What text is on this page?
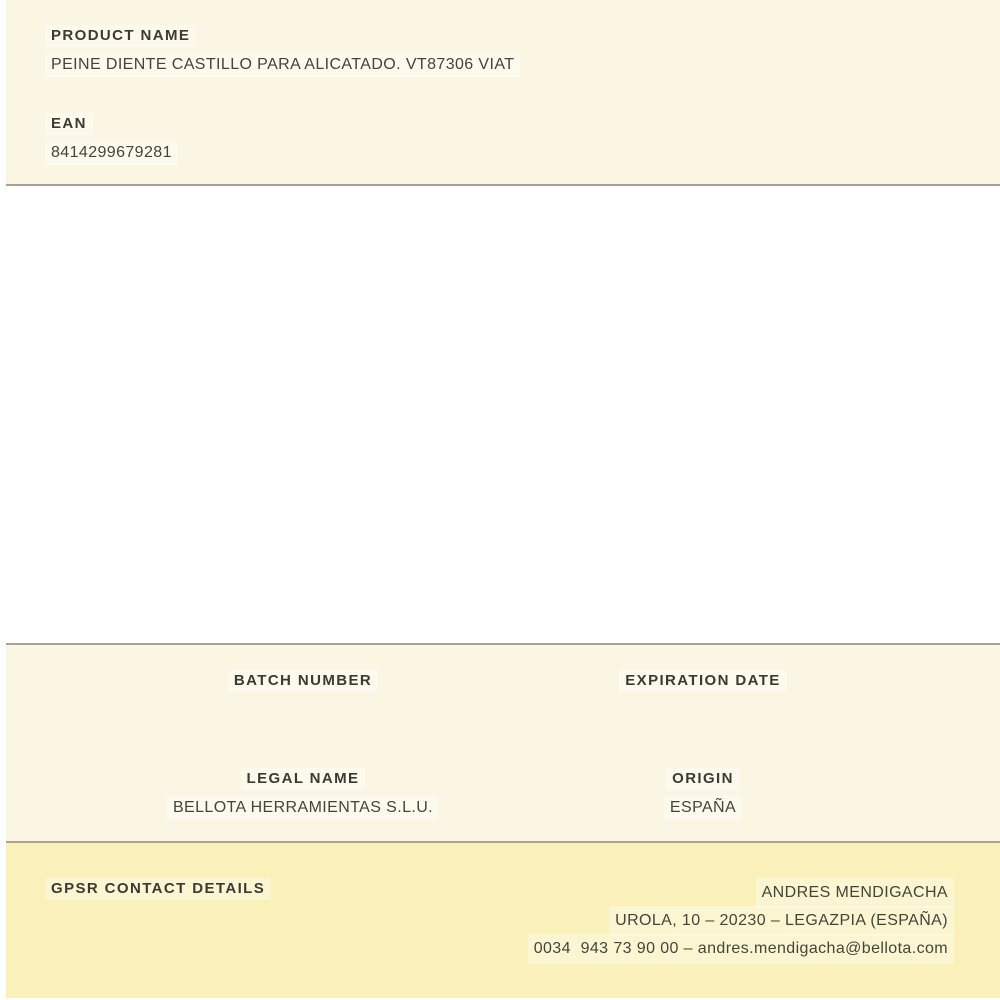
PRODUCT NAME
PEINE DIENTE CASTILLO PARA ALICATADO. VT87306 VIAT
EAN
8414299679281
BATCH NUMBER	EXPIRATION DATE
LEGAL NAME
BELLOTA HERRAMIENTAS S.L.U.
ORIGIN
ESPAÑA
GPSR CONTACT DETAILS	ANDRES MENDIGACHA
UROLA, 10 – 20230 – LEGAZPIA (ESPAÑA)
0034  943 73 90 00 – andres.mendigacha@bellota.com
